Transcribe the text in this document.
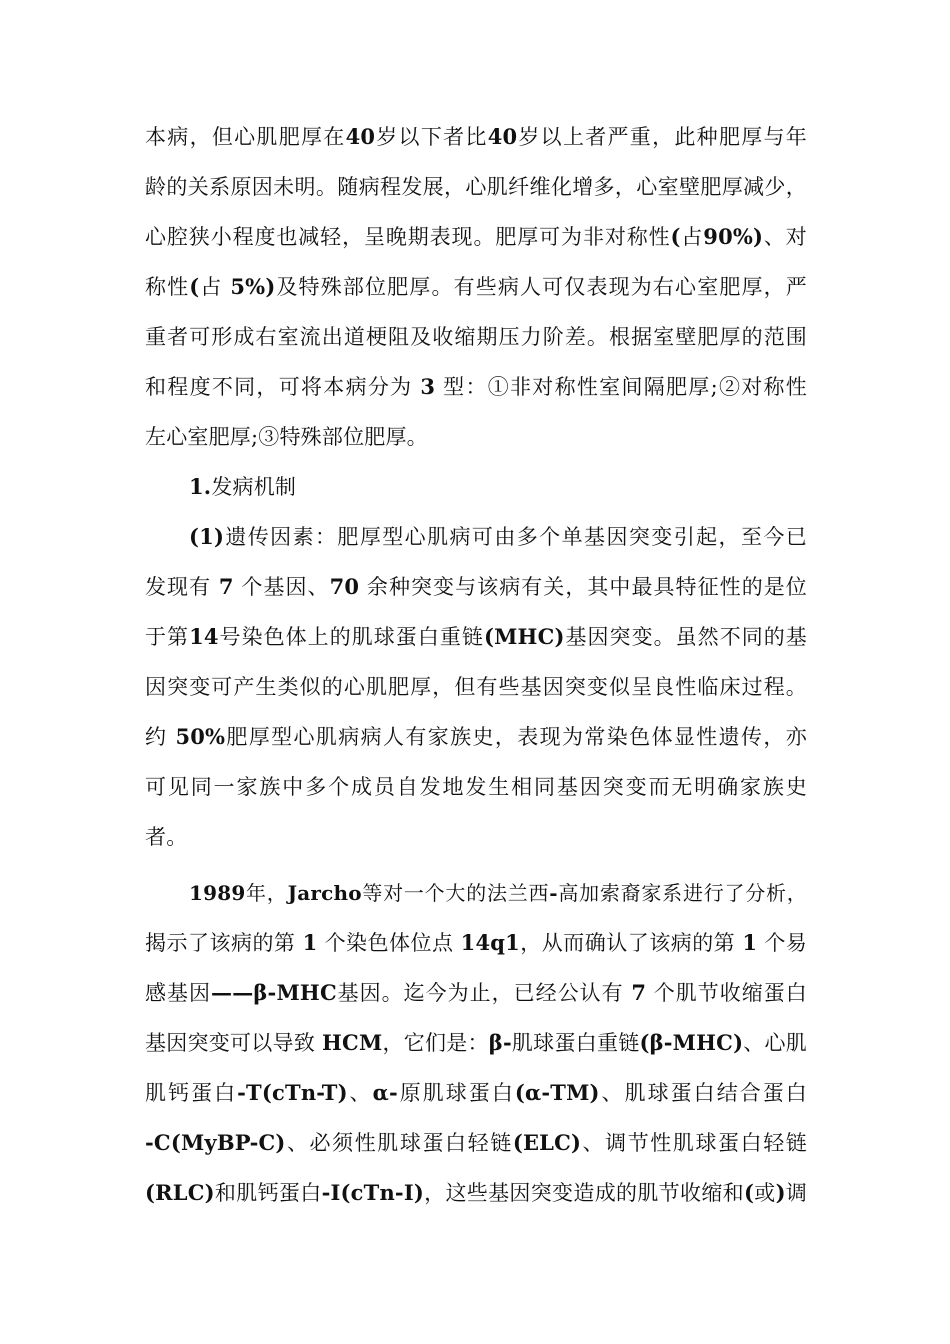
本病，但心肌肥厚在40岁以下者比40岁以上者严重，此种肥厚与年
龄的关系原因未明。随病程发展，心肌纤维化增多，心室壁肥厚减少，
心腔狭小程度也减轻，呈晚期表现。肥厚可为非对称性(占90%)、对
称性(占 5%)及特殊部位肥厚。有些病人可仅表现为右心室肥厚，严
重者可形成右室流出道梗阻及收缩期压力阶差。根据室壁肥厚的范围
和程度不同，可将本病分为 3 型：①非对称性室间隔肥厚;②对称性
左心室肥厚;③特殊部位肥厚。
1.发病机制
(1)遗传因素：肥厚型心肌病可由多个单基因突变引起，至今已
发现有 7 个基因、70 余种突变与该病有关，其中最具特征性的是位
于第14号染色体上的肌球蛋白重链(MHC)基因突变。虽然不同的基
因突变可产生类似的心肌肥厚，但有些基因突变似呈良性临床过程。
约 50%肥厚型心肌病病人有家族史，表现为常染色体显性遗传，亦
可见同一家族中多个成员自发地发生相同基因突变而无明确家族史
者。
1989年，Jarcho等对一个大的法兰西-高加索裔家系进行了分析，
揭示了该病的第 1 个染色体位点 14q1，从而确认了该病的第 1 个易
感基因——β-MHC基因。迄今为止，已经公认有 7 个肌节收缩蛋白
基因突变可以导致 HCM，它们是：β-肌球蛋白重链(β-MHC)、心肌
肌钙蛋白-T(cTn-T)、α-原肌球蛋白(α-TM)、肌球蛋白结合蛋白
-C(MyBP-C)、必须性肌球蛋白轻链(ELC)、调节性肌球蛋白轻链
(RLC)和肌钙蛋白-I(cTn-I)，这些基因突变造成的肌节收缩和(或)调
